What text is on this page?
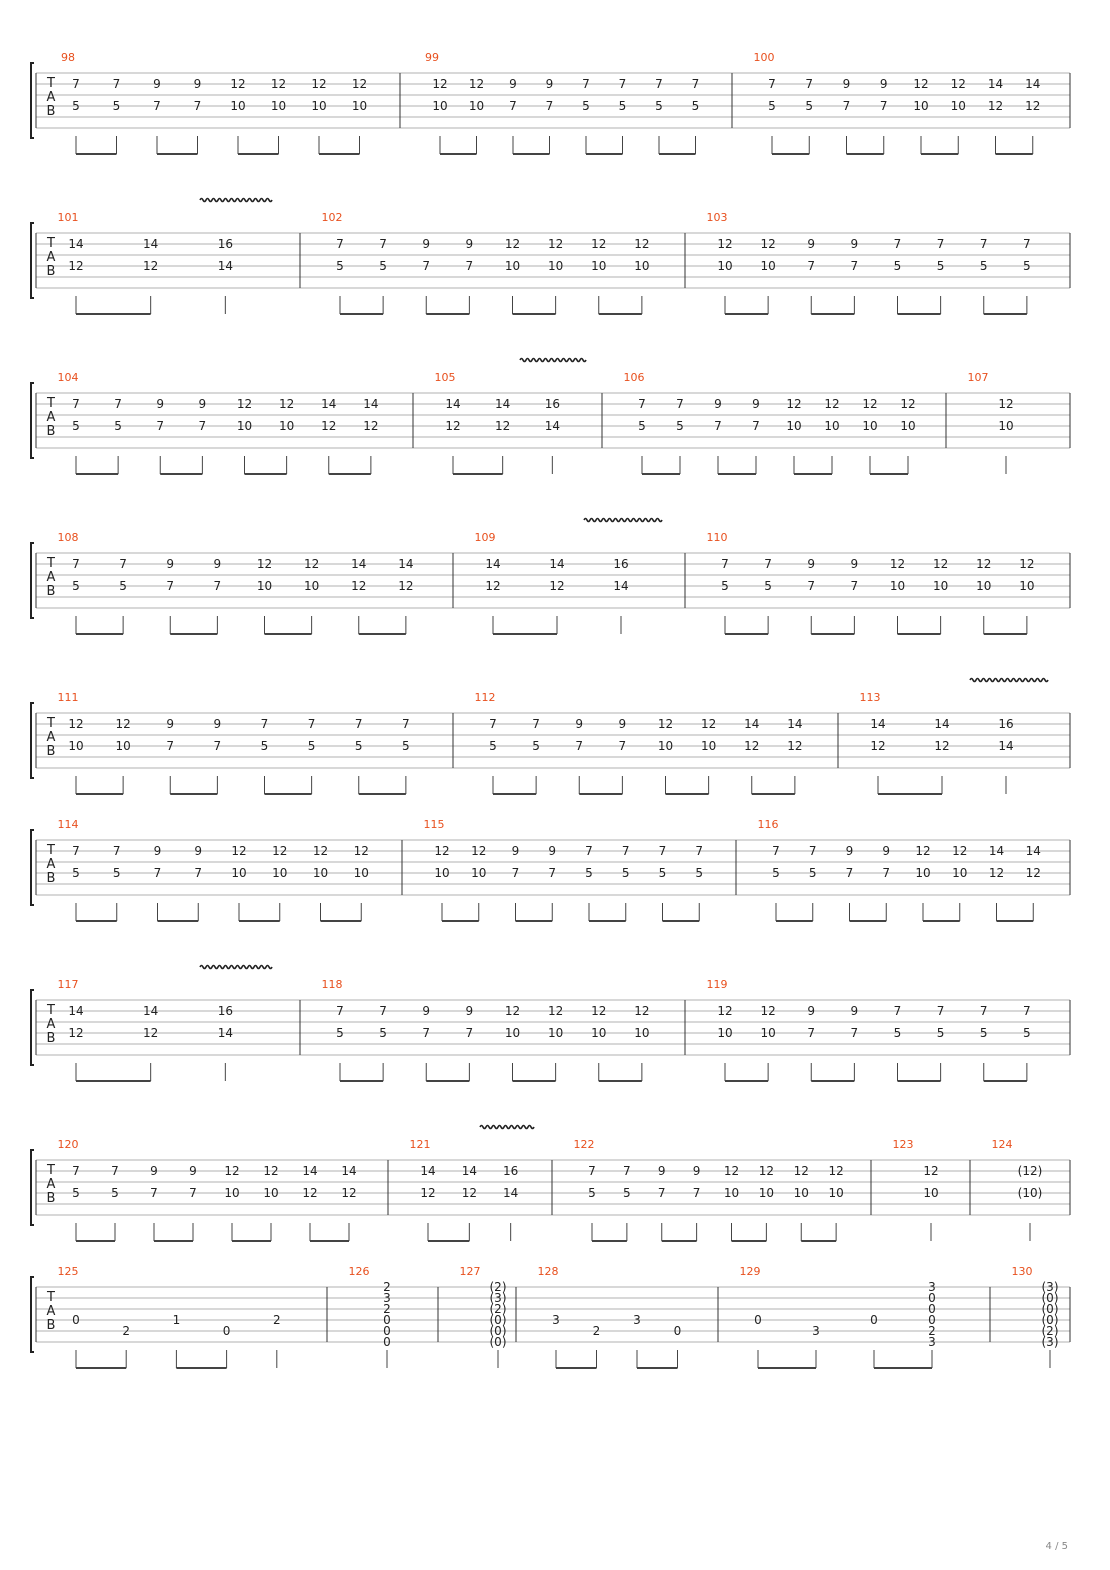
T
A
B
98
7
5
7
5
9
7
9
7
12
10
12
10
12
10
12
10
99
12
10
12
10
9
7
9
7
7
5
7
5
7
5
7
5
100
7
5
7
5
9
7
9
7
12
10
12
10
14
12
14
12
T
A
B
101
14
12
14
12
16
14
102
7
5
7
5
9
7
9
7
12
10
12
10
12
10
12
10
103
12
10
12
10
9
7
9
7
7
5
7
5
7
5
7
5
T
A
B
104
7
5
7
5
9
7
9
7
12
10
12
10
14
12
14
12
105
14
12
14
12
16
14
106
7
5
7
5
9
7
9
7
12
10
12
10
12
10
12
10
107
12
10
T
A
B
108
7
5
7
5
9
7
9
7
12
10
12
10
14
12
14
12
109
14
12
14
12
16
14
110
7
5
7
5
9
7
9
7
12
10
12
10
12
10
12
10
T
A
B
111
12
10
12
10
9
7
9
7
7
5
7
5
7
5
7
5
112
7
5
7
5
9
7
9
7
12
10
12
10
14
12
14
12
113
14
12
14
12
16
14
T
A
B
114
7
5
7
5
9
7
9
7
12
10
12
10
12
10
12
10
115
12
10
12
10
9
7
9
7
7
5
7
5
7
5
7
5
116
7
5
7
5
9
7
9
7
12
10
12
10
14
12
14
12
T
A
B
117
14
12
14
12
16
14
118
7
5
7
5
9
7
9
7
12
10
12
10
12
10
12
10
119
12
10
12
10
9
7
9
7
7
5
7
5
7
5
7
5
T
A
B
120
7
5
7
5
9
7
9
7
12
10
12
10
14
12
14
12
121
14
12
14
12
16
14
122
7
5
7
5
9
7
9
7
12
10
12
10
12
10
12
10
123
12
10
124
(12)
(10)
T
A
B
125
0
2
1
0
2
126
2
3
2
0
0
0
127
(2)
(3)
(2)
(0)
(0)
(0)
128
3
2
3
0
129
0
3
0
3
0
0
0
2
3
130
(3)
(0)
(0)
(0)
(2)
(3)
4 / 5
